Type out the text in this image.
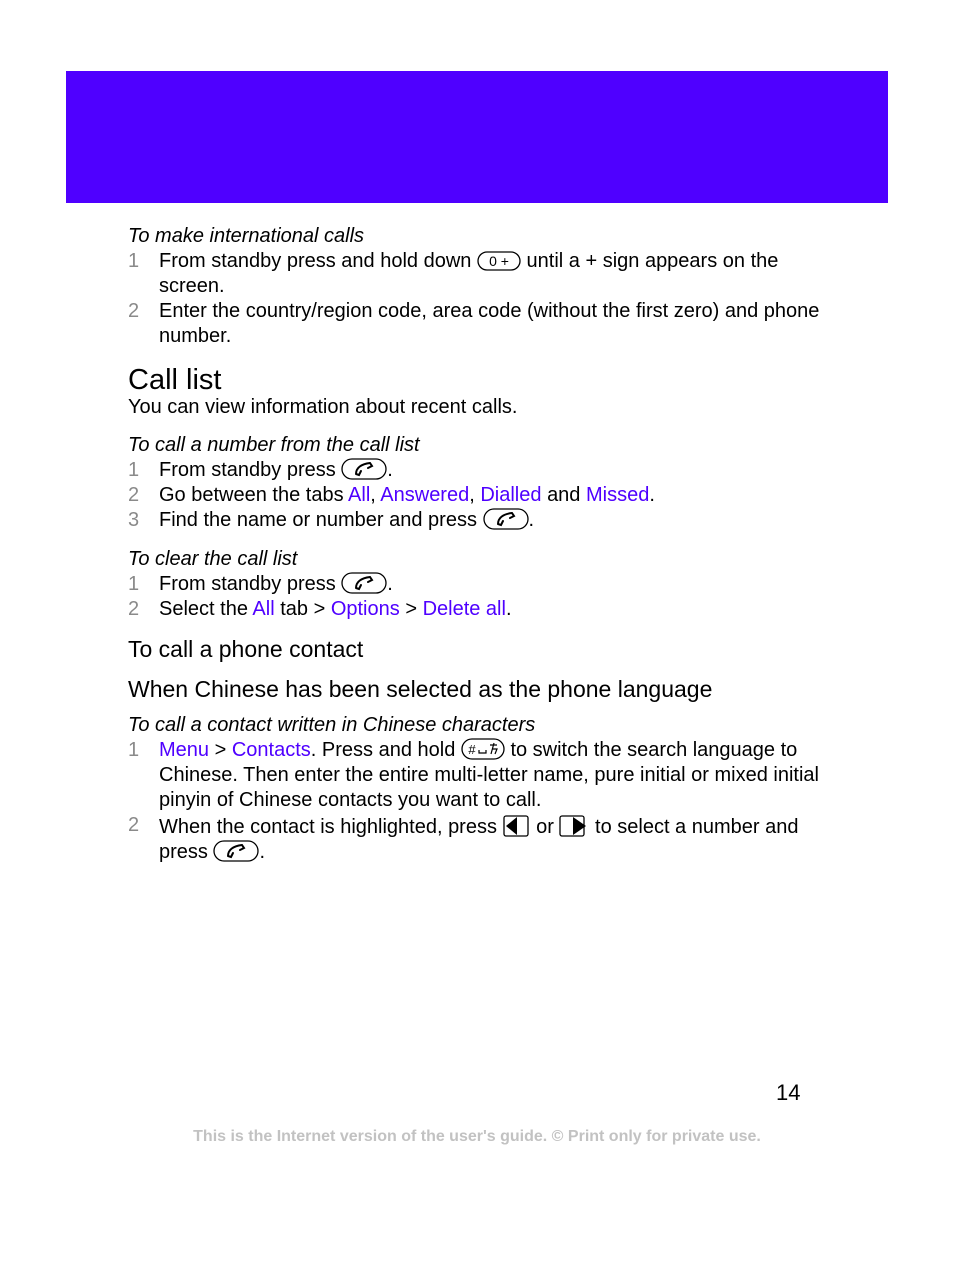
To make international calls

1 From standby press and hold down 0 + until a + sign appears on the screen.
2 Enter the country/region code, area code (without the first zero) and phone number.

Call list

You can view information about recent calls.

To call a number from the call list

1 From standby press	.
2 Go between the tabs All, Answered, Dialled and Missed.
3 Find the name or number and press	.

To clear the call list

1 From standby press	.
2 Select the All tab > Options > Delete all.

To call a phone contact

When Chinese has been selected as the phone language

To call a contact written in Chinese characters

1 Menu > Contacts. Press and hold # to switch the search language to Chinese. Then enter the entire multi-letter name, pure initial or mixed initial pinyin of Chinese contacts you want to call.
2 When the contact is highlighted, press or to select a number and press	.
14
This is the Internet version of the user's guide. © Print only for private use.
